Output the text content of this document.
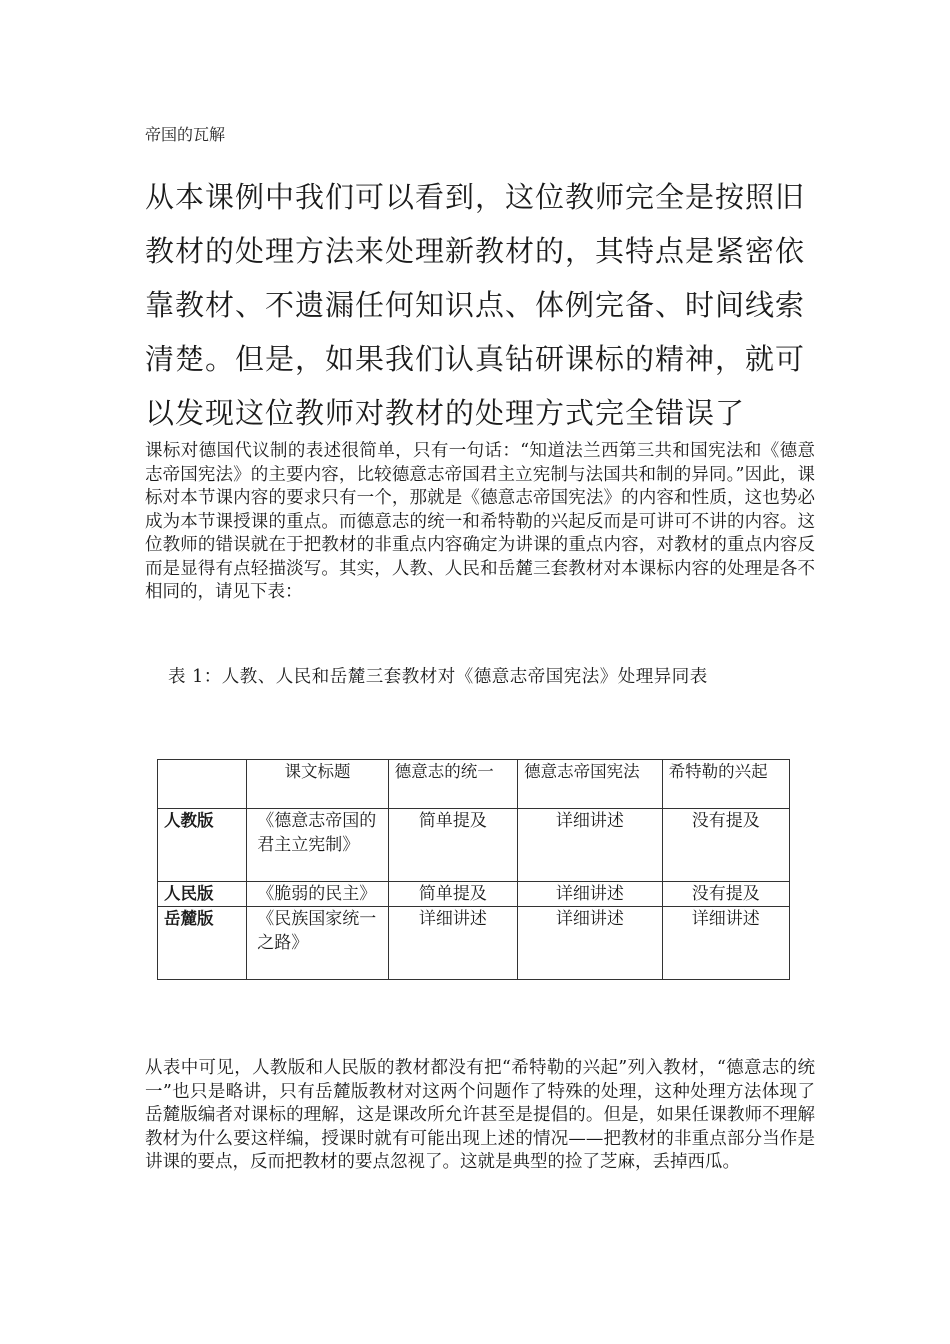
帝国的瓦解
从本课例中我们可以看到，这位教师完全是按照旧教材的处理方法来处理新教材的，其特点是紧密依靠教材、不遗漏任何知识点、体例完备、时间线索清楚。但是，如果我们认真钻研课标的精神，就可以发现这位教师对教材的处理方式完全错误了
课标对德国代议制的表述很简单，只有一句话：“知道法兰西第三共和国宪法和《德意志帝国宪法》的主要内容，比较德意志帝国君主立宪制与法国共和制的异同。”因此，课标对本节课内容的要求只有一个，那就是《德意志帝国宪法》的内容和性质，这也势必成为本节课授课的重点。而德意志的统一和希特勒的兴起反而是可讲可不讲的内容。这位教师的错误就在于把教材的非重点内容确定为讲课的重点内容，对教材的重点内容反而是显得有点轻描淡写。其实，人教、人民和岳麓三套教材对本课标内容的处理是各不相同的，请见下表：
表 1：人教、人民和岳麓三套教材对《德意志帝国宪法》处理异同表
	课文标题	德意志的统一	德意志帝国宪法	希特勒的兴起
人教版	《德意志帝国的
君主立宪制》	简单提及	详细讲述	没有提及
人民版	《脆弱的民主》	简单提及	详细讲述	没有提及
岳麓版	《民族国家统一
之路》	详细讲述	详细讲述	详细讲述
从表中可见，人教版和人民版的教材都没有把“希特勒的兴起”列入教材，“德意志的统一”也只是略讲，只有岳麓版教材对这两个问题作了特殊的处理，这种处理方法体现了岳麓版编者对课标的理解，这是课改所允许甚至是提倡的。但是，如果任课教师不理解教材为什么要这样编，授课时就有可能出现上述的情况——把教材的非重点部分当作是讲课的要点，反而把教材的要点忽视了。这就是典型的捡了芝麻，丢掉西瓜。
